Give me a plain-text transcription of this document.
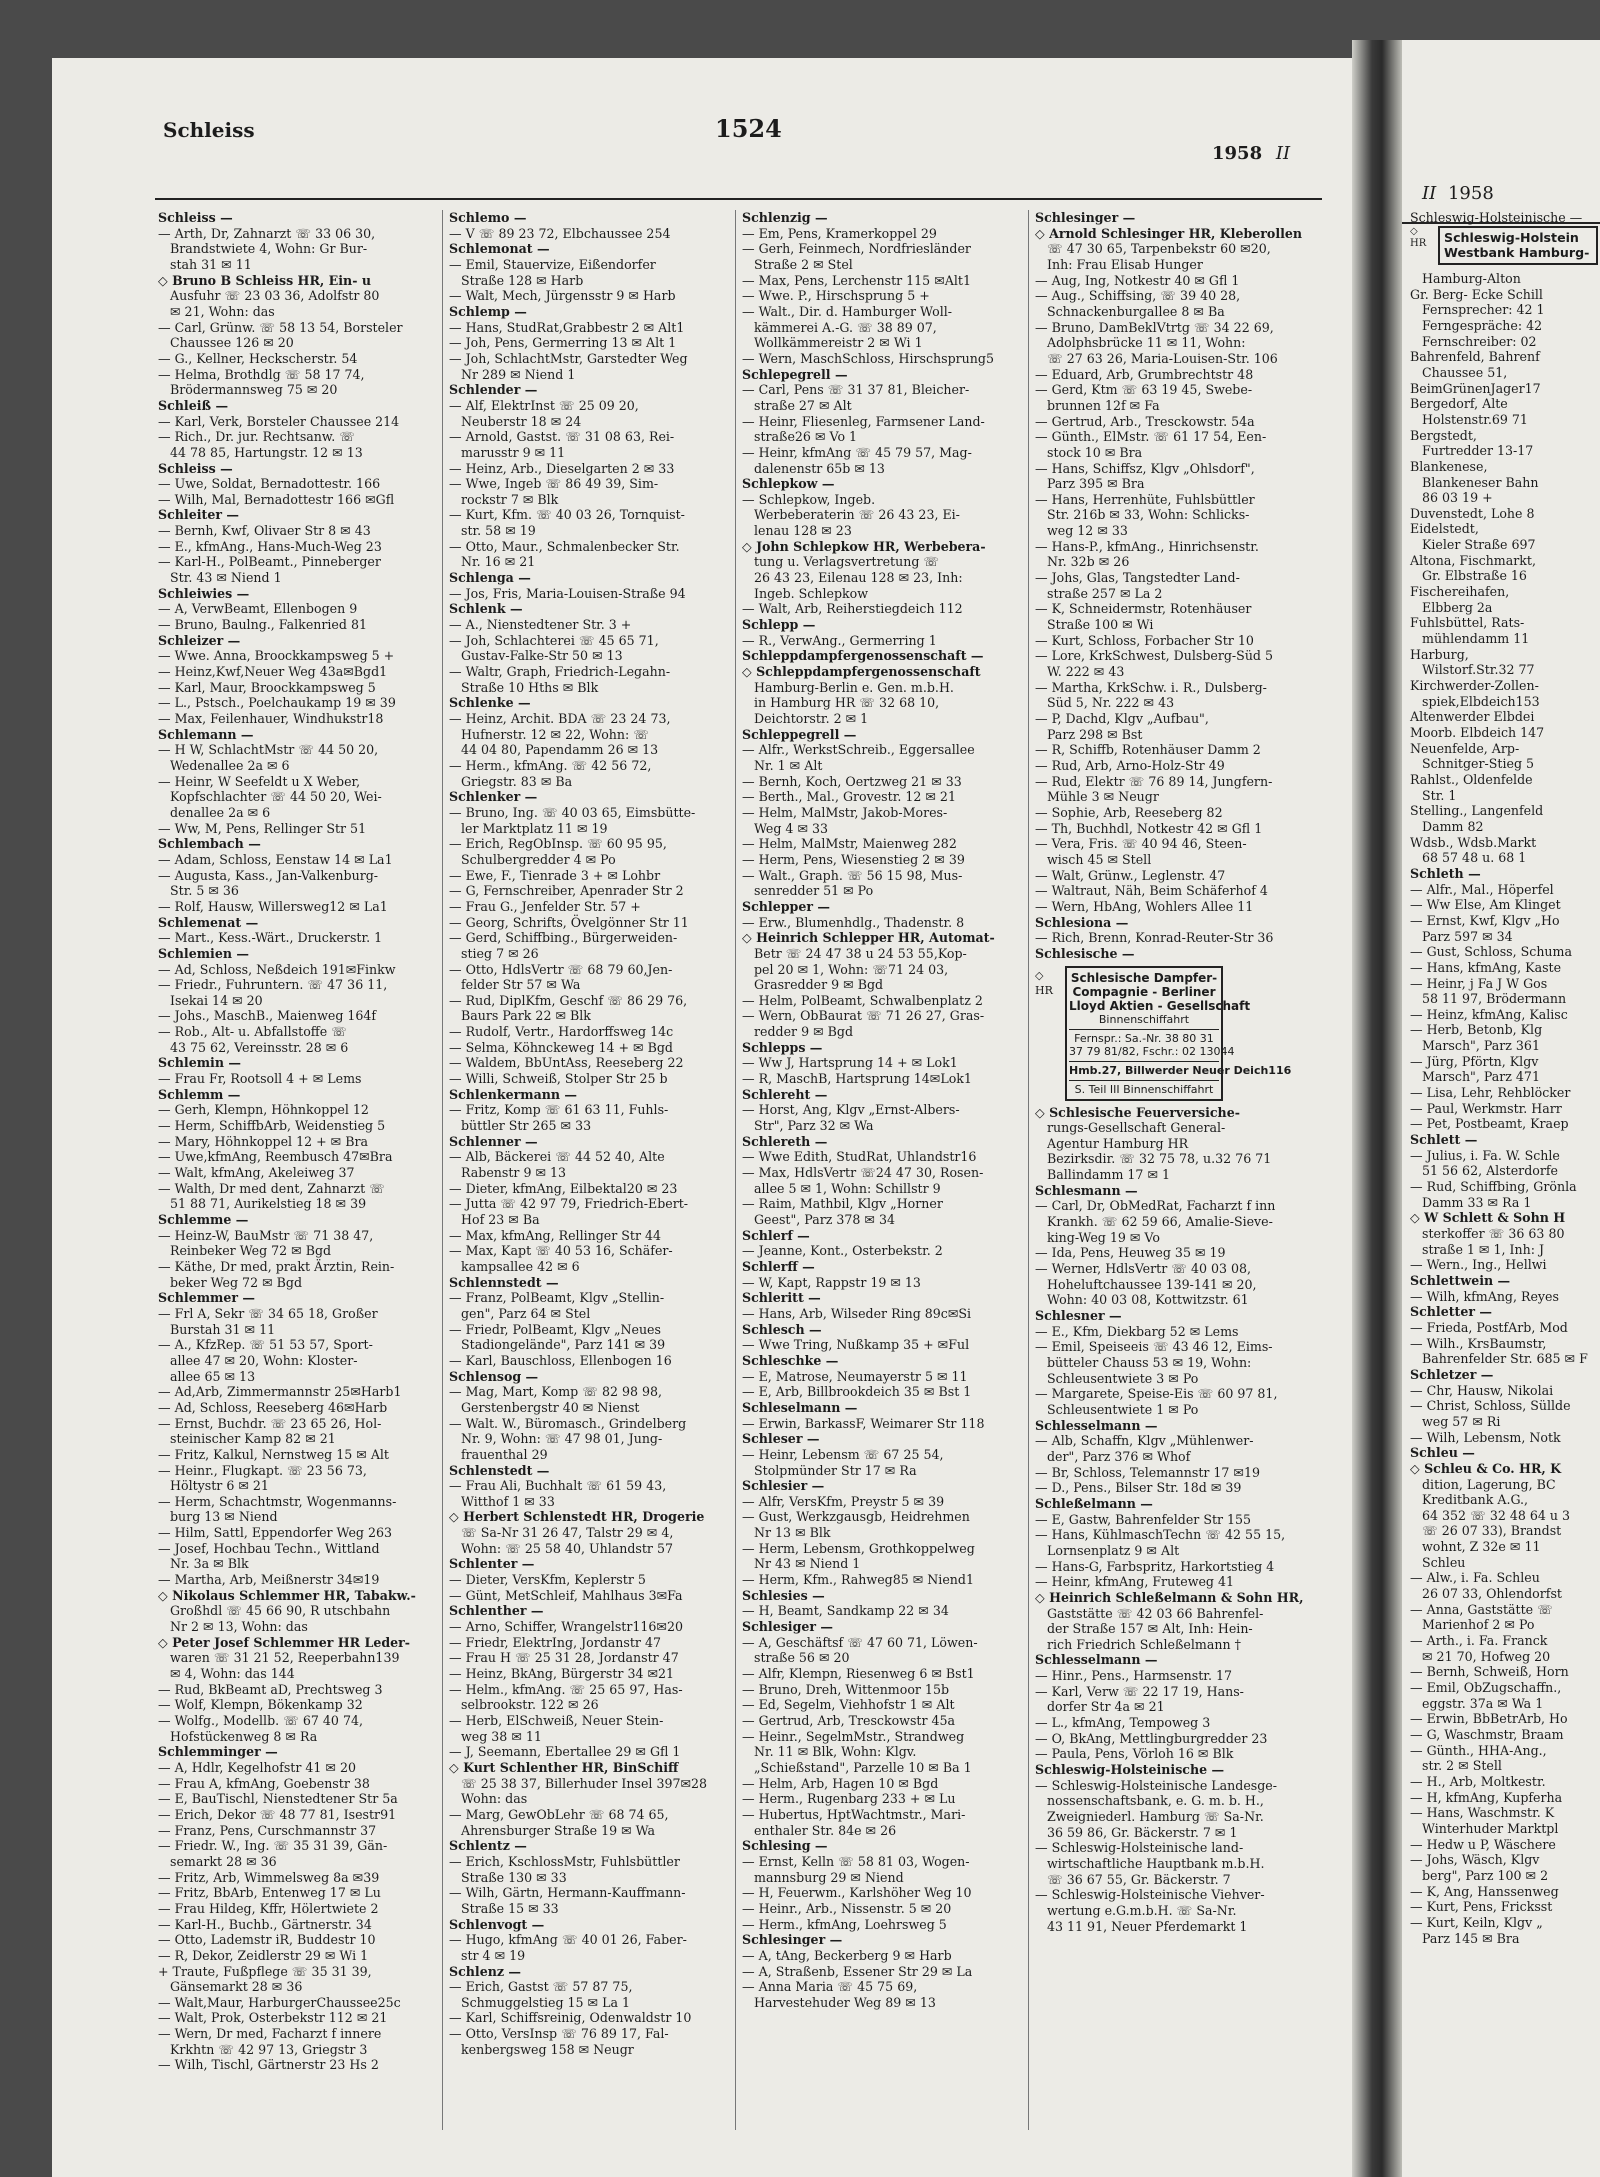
II 1958
Schleswig-Holsteinische —
◇
HR	Schleswig-Holstein
Westbank Hamburg-
Hamburg-Alton
Gr. Berg- Ecke Schill
Fernsprecher: 42 1
Ferngespräche: 42
Fernschreiber: 02
Bahrenfeld, Bahrenf
Chaussee 51,
BeimGrünenJager17
Bergedorf, Alte
Holstenstr.69 71
Bergstedt,
Furtredder 13-17
Blankenese,
Blankeneser Bahn
86 03 19 +
Duvenstedt, Lohe 8
Eidelstedt,
Kieler Straße 697
Altona, Fischmarkt,
Gr. Elbstraße 16
Fischereihafen,
Elbberg 2a
Fuhlsbüttel, Rats-
mühlendamm 11
Harburg,
Wilstorf.Str.32 77
Kirchwerder-Zollen-
spiek,Elbdeich153
Altenwerder Elbdei
Moorb. Elbdeich 147
Neuenfelde, Arp-
Schnitger-Stieg 5
Rahlst., Oldenfelde
Str. 1
Stelling., Langenfeld
Damm 82
Wdsb., Wdsb.Markt
68 57 48 u. 68 1
Schleth —
— Alfr., Mal., Höperfel
— Ww Else, Am Klinget
— Ernst, Kwf, Klgv „Ho
Parz 597 ✉ 34
— Gust, Schloss, Schuma
— Hans, kfmAng, Kaste
— Heinr, j Fa J W Gos
58 11 97, Brödermann
— Heinz, kfmAng, Kalisc
— Herb, Betonb, Klg
Marsch", Parz 361
— Jürg, Pförtn, Klgv
Marsch", Parz 471
— Lisa, Lehr, Rehblöcker
— Paul, Werkmstr. Harr
— Pet, Postbeamt, Kraep
Schlett —
— Julius, i. Fa. W. Schle
51 56 62, Alsterdorfe
— Rud, Schiffbing, Grönla
Damm 33 ✉ Ra 1
◇ W Schlett & Sohn H
sterkoffer ☏ 36 63 80
straße 1 ✉ 1, Inh: J
— Wern., Ing., Hellwi
Schlettwein —
— Wilh, kfmAng, Reyes
Schletter —
— Frieda, PostfArb, Mod
— Wilh., KrsBaumstr,
Bahrenfelder Str. 685 ✉ F
Schletzer —
— Chr, Hausw, Nikolai
— Christ, Schloss, Süllde
weg 57 ✉ Ri
— Wilh, Lebensm, Notk
Schleu —
◇ Schleu & Co. HR, K
dition, Lagerung, BC
Kreditbank A.G.,
64 352 ☏ 32 48 64 u 3
☏ 26 07 33), Brandst
wohnt, Z 32e ✉ 11
Schleu
— Alw., i. Fa. Schleu
26 07 33, Ohlendorfst
— Anna, Gaststätte ☏
Marienhof 2 ✉ Po
— Arth., i. Fa. Franck
✉ 21 70, Hofweg 20
— Bernh, Schweiß, Horn
— Emil, ObZugschaffn.,
eggstr. 37a ✉ Wa 1
— Erwin, BbBetrArb, Ho
— G, Waschmstr, Braam
— Günth., HHA-Ang.,
str. 2 ✉ Stell
— H., Arb, Moltkestr.
— H, kfmAng, Kupferha
— Hans, Waschmstr. K
Winterhuder Marktpl
— Hedw u P, Wäschere
— Johs, Wäsch, Klgv
berg", Parz 100 ✉ 2
— K, Ang, Hanssenweg
— Kurt, Pens, Fricksst
— Kurt, Keiln, Klgv „
Parz 145 ✉ Bra
Schleiss	1524
1958 II
Schleiss —
— Arth, Dr, Zahnarzt ☏ 33 06 30,
Brandstwiete 4, Wohn: Gr Bur-
stah 31 ✉ 11
◇ Bruno B Schleiss HR, Ein- u
Ausfuhr ☏ 23 03 36, Adolfstr 80
✉ 21, Wohn: das
— Carl, Grünw. ☏ 58 13 54, Borsteler
Chaussee 126 ✉ 20
— G., Kellner, Heckscherstr. 54
— Helma, Brothdlg ☏ 58 17 74,
Brödermannsweg 75 ✉ 20
Schleiß —
— Karl, Verk, Borsteler Chaussee 214
— Rich., Dr. jur. Rechtsanw. ☏
44 78 85, Hartungstr. 12 ✉ 13
Schleiss —
— Uwe, Soldat, Bernadottestr. 166
— Wilh, Mal, Bernadottestr 166 ✉Gfl
Schleiter —
— Bernh, Kwf, Olivaer Str 8 ✉ 43
— E., kfmAng., Hans-Much-Weg 23
— Karl-H., PolBeamt., Pinneberger
Str. 43 ✉ Niend 1
Schleiwies —
— A, VerwBeamt, Ellenbogen 9
— Bruno, Baulng., Falkenried 81
Schleizer —
— Wwe. Anna, Broockkampsweg 5 +
— Heinz,Kwf,Neuer Weg 43a✉Bgd1
— Karl, Maur, Broockkampsweg 5
— L., Pstsch., Poelchaukamp 19 ✉ 39
— Max, Feilenhauer, Windhukstr18
Schlemann —
— H W, SchlachtMstr ☏ 44 50 20,
Wedenallee 2a ✉ 6
— Heinr, W Seefeldt u X Weber,
Kopfschlachter ☏ 44 50 20, Wei-
denallee 2a ✉ 6
— Ww, M, Pens, Rellinger Str 51
Schlembach —
— Adam, Schloss, Eenstaw 14 ✉ La1
— Augusta, Kass., Jan-Valkenburg-
Str. 5 ✉ 36
— Rolf, Hausw, Willersweg12 ✉ La1
Schlemenat —
— Mart., Kess.-Wärt., Druckerstr. 1
Schlemien —
— Ad, Schloss, Neßdeich 191✉Finkw
— Friedr., Fuhruntern. ☏ 47 36 11,
Isekai 14 ✉ 20
— Johs., MaschB., Maienweg 164f
— Rob., Alt- u. Abfallstoffe ☏
43 75 62, Vereinsstr. 28 ✉ 6
Schlemin —
— Frau Fr, Rootsoll 4 + ✉ Lems
Schlemm —
— Gerh, Klempn, Höhnkoppel 12
— Herm, SchiffbArb, Weidenstieg 5
— Mary, Höhnkoppel 12 + ✉ Bra
— Uwe,kfmAng, Reembusch 47✉Bra
— Walt, kfmAng, Akeleiweg 37
— Walth, Dr med dent, Zahnarzt ☏
51 88 71, Aurikelstieg 18 ✉ 39
Schlemme —
— Heinz-W, BauMstr ☏ 71 38 47,
Reinbeker Weg 72 ✉ Bgd
— Käthe, Dr med, prakt Ärztin, Rein-
beker Weg 72 ✉ Bgd
Schlemmer —
— Frl A, Sekr ☏ 34 65 18, Großer
Burstah 31 ✉ 11
— A., KfzRep. ☏ 51 53 57, Sport-
allee 47 ✉ 20, Wohn: Kloster-
allee 65 ✉ 13
— Ad,Arb, Zimmermannstr 25✉Harb1
— Ad, Schloss, Reeseberg 46✉Harb
— Ernst, Buchdr. ☏ 23 65 26, Hol-
steinischer Kamp 82 ✉ 21
— Fritz, Kalkul, Nernstweg 15 ✉ Alt
— Heinr., Flugkapt. ☏ 23 56 73,
Höltystr 6 ✉ 21
— Herm, Schachtmstr, Wogenmanns-
burg 13 ✉ Niend
— Hilm, Sattl, Eppendorfer Weg 263
— Josef, Hochbau Techn., Wittland
Nr. 3a ✉ Blk
— Martha, Arb, Meißnerstr 34✉19
◇ Nikolaus Schlemmer HR, Tabakw.-
Großhdl ☏ 45 66 90, R utschbahn
Nr 2 ✉ 13, Wohn: das
◇ Peter Josef Schlemmer HR Leder-
waren ☏ 31 21 52, Reeperbahn139
✉ 4, Wohn: das 144
— Rud, BkBeamt aD, Prechtsweg 3
— Wolf, Klempn, Bökenkamp 32
— Wolfg., Modellb. ☏ 67 40 74,
Hofstückenweg 8 ✉ Ra
Schlemminger —
— A, Hdlr, Kegelhofstr 41 ✉ 20
— Frau A, kfmAng, Goebenstr 38
— E, BauTischl, Nienstedtener Str 5a
— Erich, Dekor ☏ 48 77 81, Isestr91
— Franz, Pens, Curschmannstr 37
— Friedr. W., Ing. ☏ 35 31 39, Gän-
semarkt 28 ✉ 36
— Fritz, Arb, Wimmelsweg 8a ✉39
— Fritz, BbArb, Entenweg 17 ✉ Lu
— Frau Hildeg, Kffr, Hölertwiete 2
— Karl-H., Buchb., Gärtnerstr. 34
— Otto, Lademstr iR, Buddestr 10
— R, Dekor, Zeidlerstr 29 ✉ Wi 1
+ Traute, Fußpflege ☏ 35 31 39,
Gänsemarkt 28 ✉ 36
— Walt,Maur, HarburgerChaussee25c
— Walt, Prok, Osterbekstr 112 ✉ 21
— Wern, Dr med, Facharzt f innere
Krkhtn ☏ 42 97 13, Griegstr 3
— Wilh, Tischl, Gärtnerstr 23 Hs 2
Schlemo —
— V ☏ 89 23 72, Elbchaussee 254
Schlemonat —
— Emil, Stauervize, Eißendorfer
Straße 128 ✉ Harb
— Walt, Mech, Jürgensstr 9 ✉ Harb
Schlemp —
— Hans, StudRat,Grabbestr 2 ✉ Alt1
— Joh, Pens, Germerring 13 ✉ Alt 1
— Joh, SchlachtMstr, Garstedter Weg
Nr 289 ✉ Niend 1
Schlender —
— Alf, ElektrInst ☏ 25 09 20,
Neuberstr 18 ✉ 24
— Arnold, Gastst. ☏ 31 08 63, Rei-
marusstr 9 ✉ 11
— Heinz, Arb., Dieselgarten 2 ✉ 33
— Wwe, Ingeb ☏ 86 49 39, Sim-
rockstr 7 ✉ Blk
— Kurt, Kfm. ☏ 40 03 26, Tornquist-
str. 58 ✉ 19
— Otto, Maur., Schmalenbecker Str.
Nr. 16 ✉ 21
Schlenga —
— Jos, Fris, Maria-Louisen-Straße 94
Schlenk —
— A., Nienstedtener Str. 3 +
— Joh, Schlachterei ☏ 45 65 71,
Gustav-Falke-Str 50 ✉ 13
— Waltr, Graph, Friedrich-Legahn-
Straße 10 Hths ✉ Blk
Schlenke —
— Heinz, Archit. BDA ☏ 23 24 73,
Hufnerstr. 12 ✉ 22, Wohn: ☏
44 04 80, Papendamm 26 ✉ 13
— Herm., kfmAng. ☏ 42 56 72,
Griegstr. 83 ✉ Ba
Schlenker —
— Bruno, Ing. ☏ 40 03 65, Eimsbütte-
ler Marktplatz 11 ✉ 19
— Erich, RegObInsp. ☏ 60 95 95,
Schulbergredder 4 ✉ Po
— Ewe, F., Tienrade 3 + ✉ Lohbr
— G, Fernschreiber, Apenrader Str 2
— Frau G., Jenfelder Str. 57 +
— Georg, Schrifts, Övelgönner Str 11
— Gerd, Schiffbing., Bürgerweiden-
stieg 7 ✉ 26
— Otto, HdlsVertr ☏ 68 79 60,Jen-
felder Str 57 ✉ Wa
— Rud, DiplKfm, Geschf ☏ 86 29 76,
Baurs Park 22 ✉ Blk
— Rudolf, Vertr., Hardorffsweg 14c
— Selma, Köhnckeweg 14 + ✉ Bgd
— Waldem, BbUntAss, Reeseberg 22
— Willi, Schweiß, Stolper Str 25 b
Schlenkermann —
— Fritz, Komp ☏ 61 63 11, Fuhls-
büttler Str 265 ✉ 33
Schlenner —
— Alb, Bäckerei ☏ 44 52 40, Alte
Rabenstr 9 ✉ 13
— Dieter, kfmAng, Eilbektal20 ✉ 23
— Jutta ☏ 42 97 79, Friedrich-Ebert-
Hof 23 ✉ Ba
— Max, kfmAng, Rellinger Str 44
— Max, Kapt ☏ 40 53 16, Schäfer-
kampsallee 42 ✉ 6
Schlennstedt —
— Franz, PolBeamt, Klgv „Stellin-
gen", Parz 64 ✉ Stel
— Friedr, PolBeamt, Klgv „Neues
Stadiongelände", Parz 141 ✉ 39
— Karl, Bauschloss, Ellenbogen 16
Schlensog —
— Mag, Mart, Komp ☏ 82 98 98,
Gerstenbergstr 40 ✉ Nienst
— Walt. W., Büromasch., Grindelberg
Nr. 9, Wohn: ☏ 47 98 01, Jung-
frauenthal 29
Schlenstedt —
— Frau Ali, Buchhalt ☏ 61 59 43,
Witthof 1 ✉ 33
◇ Herbert Schlenstedt HR, Drogerie
☏ Sa-Nr 31 26 47, Talstr 29 ✉ 4,
Wohn: ☏ 25 58 40, Uhlandstr 57
Schlenter —
— Dieter, VersKfm, Keplerstr 5
— Günt, MetSchleif, Mahlhaus 3✉Fa
Schlenther —
— Arno, Schiffer, Wrangelstr116✉20
— Friedr, ElektrIng, Jordanstr 47
— Frau H ☏ 25 31 28, Jordanstr 47
— Heinz, BkAng, Bürgerstr 34 ✉21
— Helm., kfmAng. ☏ 25 65 97, Has-
selbrookstr. 122 ✉ 26
— Herb, ElSchweiß, Neuer Stein-
weg 38 ✉ 11
— J, Seemann, Ebertallee 29 ✉ Gfl 1
◇ Kurt Schlenther HR, BinSchiff
☏ 25 38 37, Billerhuder Insel 397✉28
Wohn: das
— Marg, GewObLehr ☏ 68 74 65,
Ahrensburger Straße 19 ✉ Wa
Schlentz —
— Erich, KschlossMstr, Fuhlsbüttler
Straße 130 ✉ 33
— Wilh, Gärtn, Hermann-Kauffmann-
Straße 15 ✉ 33
Schlenvogt —
— Hugo, kfmAng ☏ 40 01 26, Faber-
str 4 ✉ 19
Schlenz —
— Erich, Gastst ☏ 57 87 75,
Schmuggelstieg 15 ✉ La 1
— Karl, Schiffsreinig, Odenwaldstr 10
— Otto, VersInsp ☏ 76 89 17, Fal-
kenbergsweg 158 ✉ Neugr
Schlenzig —
— Em, Pens, Kramerkoppel 29
— Gerh, Feinmech, Nordfriesländer
Straße 2 ✉ Stel
— Max, Pens, Lerchenstr 115 ✉Alt1
— Wwe. P., Hirschsprung 5 +
— Walt., Dir. d. Hamburger Woll-
kämmerei A.-G. ☏ 38 89 07,
Wollkämmereistr 2 ✉ Wi 1
— Wern, MaschSchloss, Hirschsprung5
Schlepegrell —
— Carl, Pens ☏ 31 37 81, Bleicher-
straße 27 ✉ Alt
— Heinr, Fliesenleg, Farmsener Land-
straße26 ✉ Vo 1
— Heinr, kfmAng ☏ 45 79 57, Mag-
dalenenstr 65b ✉ 13
Schlepkow —
— Schlepkow, Ingeb.
Werbeberaterin ☏ 26 43 23, Ei-
lenau 128 ✉ 23
◇ John Schlepkow HR, Werbebera-
tung u. Verlagsvertretung ☏
26 43 23, Eilenau 128 ✉ 23, Inh:
Ingeb. Schlepkow
— Walt, Arb, Reiherstiegdeich 112
Schlepp —
— R., VerwAng., Germerring 1
Schleppdampfergenossenschaft —
◇ Schleppdampfergenossenschaft
Hamburg-Berlin e. Gen. m.b.H.
in Hamburg HR ☏ 32 68 10,
Deichtorstr. 2 ✉ 1
Schleppegrell —
— Alfr., WerkstSchreib., Eggersallee
Nr. 1 ✉ Alt
— Bernh, Koch, Oertzweg 21 ✉ 33
— Berth., Mal., Grovestr. 12 ✉ 21
— Helm, MalMstr, Jakob-Mores-
Weg 4 ✉ 33
— Helm, MalMstr, Maienweg 282
— Herm, Pens, Wiesenstieg 2 ✉ 39
— Walt., Graph. ☏ 56 15 98, Mus-
senredder 51 ✉ Po
Schlepper —
— Erw., Blumenhdlg., Thadenstr. 8
◇ Heinrich Schlepper HR, Automat-
Betr ☏ 24 47 38 u 24 53 55,Kop-
pel 20 ✉ 1, Wohn: ☏71 24 03,
Grasredder 9 ✉ Bgd
— Helm, PolBeamt, Schwalbenplatz 2
— Wern, ObBaurat ☏ 71 26 27, Gras-
redder 9 ✉ Bgd
Schlepps —
— Ww J, Hartsprung 14 + ✉ Lok1
— R, MaschB, Hartsprung 14✉Lok1
Schlereht —
— Horst, Ang, Klgv „Ernst-Albers-
Str", Parz 32 ✉ Wa
Schlereth —
— Wwe Edith, StudRat, Uhlandstr16
— Max, HdlsVertr ☏24 47 30, Rosen-
allee 5 ✉ 1, Wohn: Schillstr 9
— Raim, Mathbil, Klgv „Horner
Geest", Parz 378 ✉ 34
Schlerf —
— Jeanne, Kont., Osterbekstr. 2
Schlerff —
— W, Kapt, Rappstr 19 ✉ 13
Schleritt —
— Hans, Arb, Wilseder Ring 89c✉Si
Schlesch —
— Wwe Tring, Nußkamp 35 + ✉Ful
Schleschke —
— E, Matrose, Neumayerstr 5 ✉ 11
— E, Arb, Billbrookdeich 35 ✉ Bst 1
Schleselmann —
— Erwin, BarkassF, Weimarer Str 118
Schleser —
— Heinr, Lebensm ☏ 67 25 54,
Stolpmünder Str 17 ✉ Ra
Schlesier —
— Alfr, VersKfm, Preystr 5 ✉ 39
— Gust, Werkzgausgb, Heidrehmen
Nr 13 ✉ Blk
— Herm, Lebensm, Grothkoppelweg
Nr 43 ✉ Niend 1
— Herm, Kfm., Rahweg85 ✉ Niend1
Schlesies —
— H, Beamt, Sandkamp 22 ✉ 34
Schlesiger —
— A, Geschäftsf ☏ 47 60 71, Löwen-
straße 56 ✉ 20
— Alfr, Klempn, Riesenweg 6 ✉ Bst1
— Bruno, Dreh, Wittenmoor 15b
— Ed, Segelm, Viehhofstr 1 ✉ Alt
— Gertrud, Arb, Tresckowstr 45a
— Heinr., SegelmMstr., Strandweg
Nr. 11 ✉ Blk, Wohn: Klgv.
„Schießstand", Parzelle 10 ✉ Ba 1
— Helm, Arb, Hagen 10 ✉ Bgd
— Herm., Rugenbarg 233 + ✉ Lu
— Hubertus, HptWachtmstr., Mari-
enthaler Str. 84e ✉ 26
Schlesing —
— Ernst, Kelln ☏ 58 81 03, Wogen-
mannsburg 29 ✉ Niend
— H, Feuerwm., Karlshöher Weg 10
— Heinr., Arb., Nissenstr. 5 ✉ 20
— Herm., kfmAng, Loehrsweg 5
Schlesinger —
— A, tAng, Beckerberg 9 ✉ Harb
— A, Straßenb, Essener Str 29 ✉ La
— Anna Maria ☏ 45 75 69,
Harvestehuder Weg 89 ✉ 13
Schlesinger —
◇ Arnold Schlesinger HR, Kleberollen
☏ 47 30 65, Tarpenbekstr 60 ✉20,
Inh: Frau Elisab Hunger
— Aug, Ing, Notkestr 40 ✉ Gfl 1
— Aug., Schiffsing, ☏ 39 40 28,
Schnackenburgallee 8 ✉ Ba
— Bruno, DamBeklVtrtg ☏ 34 22 69,
Adolphsbrücke 11 ✉ 11, Wohn:
☏ 27 63 26, Maria-Louisen-Str. 106
— Eduard, Arb, Grumbrechtstr 48
— Gerd, Ktm ☏ 63 19 45, Swebe-
brunnen 12f ✉ Fa
— Gertrud, Arb., Tresckowstr. 54a
— Günth., ElMstr. ☏ 61 17 54, Een-
stock 10 ✉ Bra
— Hans, Schiffsz, Klgv „Ohlsdorf",
Parz 395 ✉ Bra
— Hans, Herrenhüte, Fuhlsbüttler
Str. 216b ✉ 33, Wohn: Schlicks-
weg 12 ✉ 33
— Hans-P., kfmAng., Hinrichsenstr.
Nr. 32b ✉ 26
— Johs, Glas, Tangstedter Land-
straße 257 ✉ La 2
— K, Schneidermstr, Rotenhäuser
Straße 100 ✉ Wi
— Kurt, Schloss, Forbacher Str 10
— Lore, KrkSchwest, Dulsberg-Süd 5
W. 222 ✉ 43
— Martha, KrkSchw. i. R., Dulsberg-
Süd 5, Nr. 222 ✉ 43
— P, Dachd, Klgv „Aufbau",
Parz 298 ✉ Bst
— R, Schiffb, Rotenhäuser Damm 2
— Rud, Arb, Arno-Holz-Str 49
— Rud, Elektr ☏ 76 89 14, Jungfern-
Mühle 3 ✉ Neugr
— Sophie, Arb, Reeseberg 82
— Th, Buchhdl, Notkestr 42 ✉ Gfl 1
— Vera, Fris. ☏ 40 94 46, Steen-
wisch 45 ✉ Stell
— Walt, Grünw., Leglenstr. 47
— Waltraut, Näh, Beim Schäferhof 4
— Wern, HbAng, Wohlers Allee 11
Schlesiona —
— Rich, Brenn, Konrad-Reuter-Str 36
Schlesische —
◇
HR
Schlesische Dampfer-
Compagnie - Berliner
Lloyd Aktien - Gesellschaft
Binnenschiffahrt
Fernspr.: Sa.-Nr. 38 80 31
37 79 81/82, Fschr.: 02 13044
Hmb.27, Billwerder Neuer Deich116
S. Teil III Binnenschiffahrt
◇ Schlesische Feuerversiche-
rungs-Gesellschaft General-
Agentur Hamburg HR
Bezirksdir. ☏ 32 75 78, u.32 76 71
Ballindamm 17 ✉ 1
Schlesmann —
— Carl, Dr, ObMedRat, Facharzt f inn
Krankh. ☏ 62 59 66, Amalie-Sieve-
king-Weg 19 ✉ Vo
— Ida, Pens, Heuweg 35 ✉ 19
— Werner, HdlsVertr ☏ 40 03 08,
Hoheluftchaussee 139-141 ✉ 20,
Wohn: 40 03 08, Kottwitzstr. 61
Schlesner —
— E., Kfm, Diekbarg 52 ✉ Lems
— Emil, Speiseeis ☏ 43 46 12, Eims-
bütteler Chauss 53 ✉ 19, Wohn:
Schleusentwiete 3 ✉ Po
— Margarete, Speise-Eis ☏ 60 97 81,
Schleusentwiete 1 ✉ Po
Schlesselmann —
— Alb, Schaffn, Klgv „Mühlenwer-
der", Parz 376 ✉ Whof
— Br, Schloss, Telemannstr 17 ✉19
— D., Pens., Bilser Str. 18d ✉ 39
Schleßelmann —
— E, Gastw, Bahrenfelder Str 155
— Hans, KühlmaschTechn ☏ 42 55 15,
Lornsenplatz 9 ✉ Alt
— Hans-G, Farbspritz, Harkortstieg 4
— Heinr, kfmAng, Fruteweg 41
◇ Heinrich Schleßelmann & Sohn HR,
Gaststätte ☏ 42 03 66 Bahrenfel-
der Straße 157 ✉ Alt, Inh: Hein-
rich Friedrich Schleßelmann †
Schlesselmann —
— Hinr., Pens., Harmsenstr. 17
— Karl, Verw ☏ 22 17 19, Hans-
dorfer Str 4a ✉ 21
— L., kfmAng, Tempoweg 3
— O, BkAng, Mettlingburgredder 23
— Paula, Pens, Vörloh 16 ✉ Blk
Schleswig-Holsteinische —
— Schleswig-Holsteinische Landesge-
nossenschaftsbank, e. G. m. b. H.,
Zweigniederl. Hamburg ☏ Sa-Nr.
36 59 86, Gr. Bäckerstr. 7 ✉ 1
— Schleswig-Holsteinische land-
wirtschaftliche Hauptbank m.b.H.
☏ 36 67 55, Gr. Bäckerstr. 7
— Schleswig-Holsteinische Viehver-
wertung e.G.m.b.H. ☏ Sa-Nr.
43 11 91, Neuer Pferdemarkt 1
